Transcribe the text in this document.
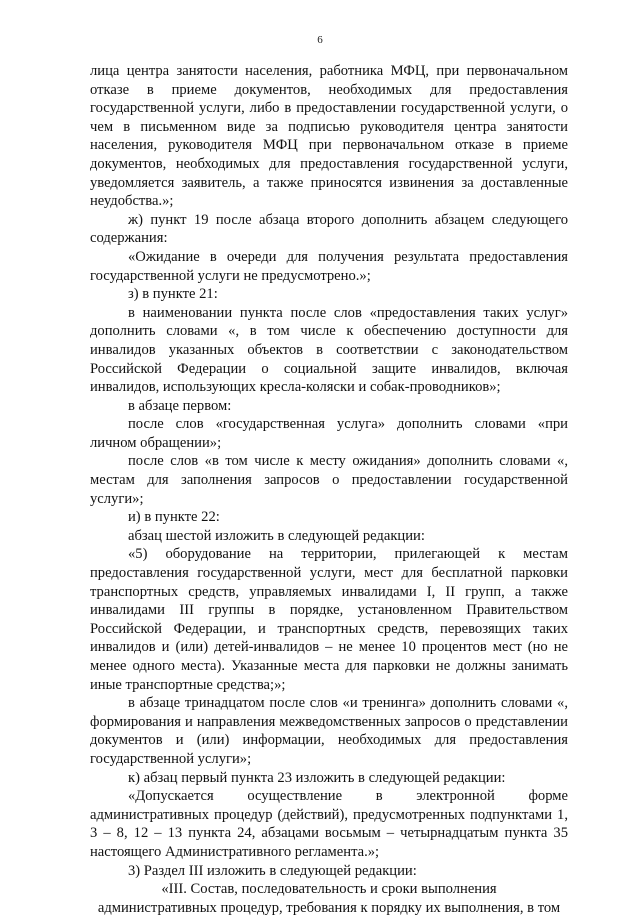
6

лица центра занятости населения, работника МФЦ, при первоначальном отказе в приеме документов, необходимых для предоставления государственной услуги, либо в предоставлении государственной услуги, о чем в письменном виде за подписью руководителя центра занятости населения, руководителя МФЦ при первоначальном отказе в приеме документов, необходимых для предоставления государственной услуги, уведомляется заявитель, а также приносятся извинения за доставленные неудобства.»;

ж) пункт 19 после абзаца второго дополнить абзацем следующего содержания:

«Ожидание в очереди для получения результата предоставления государственной услуги не предусмотрено.»;

з) в пункте 21:

в наименовании пункта после слов «предоставления таких услуг» дополнить словами «, в том числе к обеспечению доступности для инвалидов указанных объектов в соответствии с законодательством Российской Федерации о социальной защите инвалидов, включая инвалидов, использующих кресла-коляски и собак-проводников»;

в абзаце первом:

после слов «государственная услуга» дополнить словами «при личном обращении»;

после слов «в том числе к месту ожидания» дополнить словами «, местам для заполнения запросов о предоставлении государственной услуги»;

и) в пункте 22:

абзац шестой изложить в следующей редакции:

«5) оборудование на территории, прилегающей к местам предоставления государственной услуги, мест для бесплатной парковки транспортных средств, управляемых инвалидами I, II групп, а также инвалидами III группы в порядке, установленном Правительством Российской Федерации, и транспортных средств, перевозящих таких инвалидов и (или) детей-инвалидов – не менее 10 процентов мест (но не менее одного места). Указанные места для парковки не должны занимать иные транспортные средства;»;

в абзаце тринадцатом после слов «и тренинга» дополнить словами «, формирования и направления межведомственных запросов о представлении документов и (или) информации, необходимых для предоставления государственной услуги»;

к) абзац первый пункта 23 изложить в следующей редакции:

«Допускается осуществление в электронной форме административных процедур (действий), предусмотренных подпунктами 1, 3 – 8, 12 – 13 пункта 24, абзацами восьмым – четырнадцатым пункта 35 настоящего Административного регламента.»;

3) Раздел III изложить в следующей редакции:

«III. Состав, последовательность и сроки выполнения
административных процедур, требования к порядку их выполнения, в том
